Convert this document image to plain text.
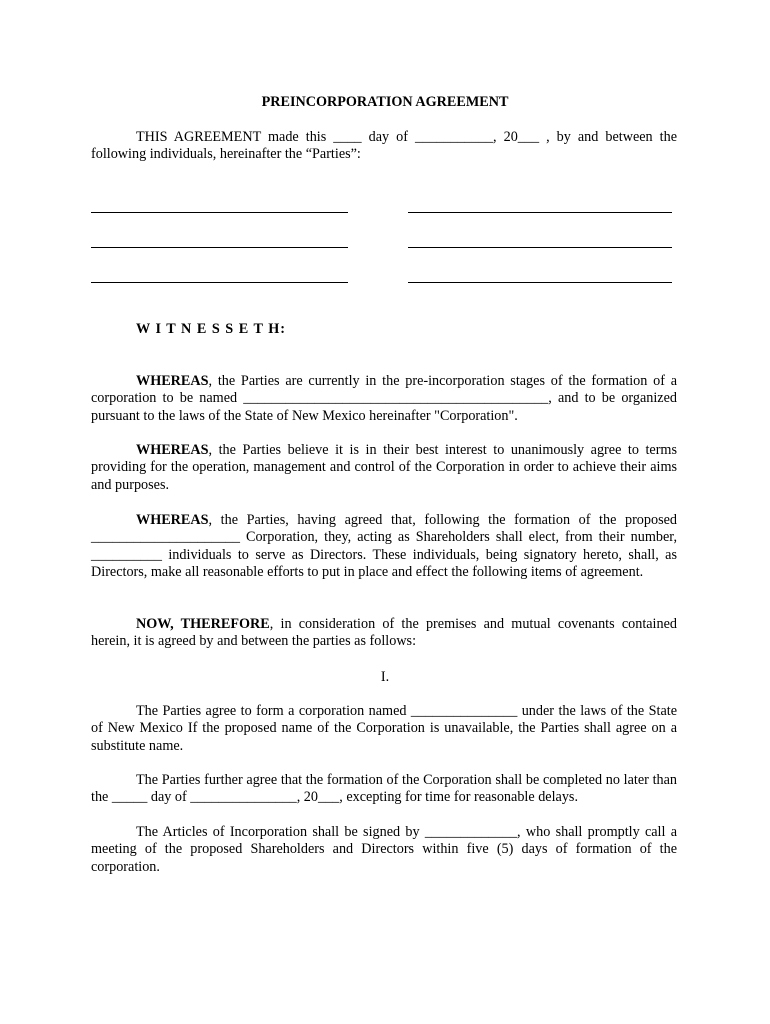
PREINCORPORATION AGREEMENT
THIS AGREEMENT made this ____ day of ___________, 20___ , by and between the following individuals, hereinafter the “Parties”:
W I T N E S S E T H:
WHEREAS, the Parties are currently in the pre-incorporation stages of the formation of a corporation to be named ___________________________________________, and to be organized pursuant to the laws of the State of New Mexico hereinafter "Corporation".
WHEREAS, the Parties believe it is in their best interest to unanimously agree to terms providing for the operation, management and control of the Corporation in order to achieve their aims and purposes.
WHEREAS, the Parties, having agreed that, following the formation of the proposed _____________________ Corporation, they, acting as Shareholders shall elect, from their number, __________ individuals to serve as Directors. These individuals, being signatory hereto, shall, as Directors, make all reasonable efforts to put in place and effect the following items of agreement.
NOW, THEREFORE, in consideration of the premises and mutual covenants contained herein, it is agreed by and between the parties as follows:
I.
The Parties agree to form a corporation named _______________ under the laws of the State of New Mexico If the proposed name of the Corporation is unavailable, the Parties shall agree on a substitute name.
The Parties further agree that the formation of the Corporation shall be completed no later than the _____ day of _______________, 20___, excepting for time for reasonable delays.
The Articles of Incorporation shall be signed by _____________, who shall promptly call a meeting of the proposed Shareholders and Directors within five (5) days of formation of the corporation.
